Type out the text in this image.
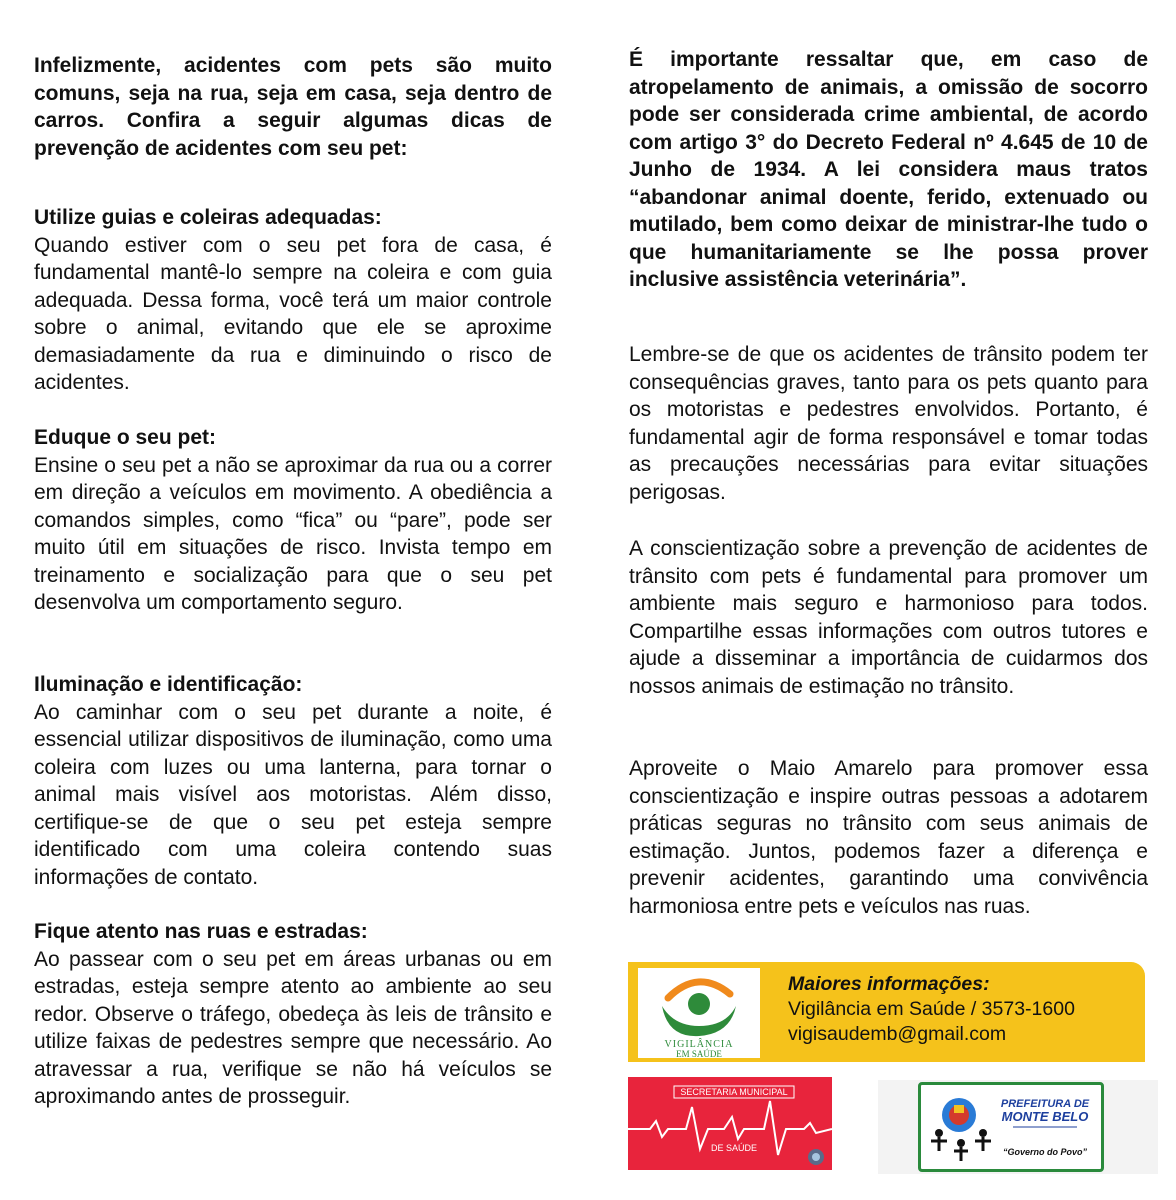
Infelizmente, acidentes com pets são muito comuns, seja na rua, seja em casa, seja dentro de carros. Confira a seguir algumas dicas de prevenção de acidentes com seu pet:

Utilize guias e coleiras adequadas:

Quando estiver com o seu pet fora de casa, é fundamental mantê-lo sempre na coleira e com guia adequada. Dessa forma, você terá um maior controle sobre o animal, evitando que ele se aproxime demasiadamente da rua e diminuindo o risco de acidentes.

Eduque o seu pet:

Ensine o seu pet a não se aproximar da rua ou a correr em direção a veículos em movimento. A obediência a comandos simples, como “fica” ou “pare”, pode ser muito útil em situações de risco. Invista tempo em treinamento e socialização para que o seu pet desenvolva um comportamento seguro.

Iluminação e identificação:

Ao caminhar com o seu pet durante a noite, é essencial utilizar dispositivos de iluminação, como uma coleira com luzes ou uma lanterna, para tornar o animal mais visível aos motoristas. Além disso, certifique-se de que o seu pet esteja sempre identificado com uma coleira contendo suas informações de contato.

Fique atento nas ruas e estradas:

Ao passear com o seu pet em áreas urbanas ou em estradas, esteja sempre atento ao ambiente ao seu redor. Observe o tráfego, obedeça às leis de trânsito e utilize faixas de pedestres sempre que necessário. Ao atravessar a rua, verifique se não há veículos se aproximando antes de prosseguir.

É importante ressaltar que, em caso de atropelamento de animais, a omissão de socorro pode ser considerada crime ambiental, de acordo com artigo 3° do Decreto Federal nº 4.645 de 10 de Junho de 1934. A lei considera maus tratos “abandonar animal doente, ferido, extenuado ou mutilado, bem como deixar de ministrar-lhe tudo o que humanitariamente se lhe possa prover inclusive assistência veterinária”.

Lembre-se de que os acidentes de trânsito podem ter consequências graves, tanto para os pets quanto para os motoristas e pedestres envolvidos. Portanto, é fundamental agir de forma responsável e tomar todas as precauções necessárias para evitar situações perigosas.

A conscientização sobre a prevenção de acidentes de trânsito com pets é fundamental para promover um ambiente mais seguro e harmonioso para todos. Compartilhe essas informações com outros tutores e ajude a disseminar a importância de cuidarmos dos nossos animais de estimação no trânsito.

Aproveite o Maio Amarelo para promover essa conscientização e inspire outras pessoas a adotarem práticas seguras no trânsito com seus animais de estimação. Juntos, podemos fazer a diferença e prevenir acidentes, garantindo uma convivência harmoniosa entre pets e veículos nas ruas.

VIGILÂNCIA
EM SAÚDE
Maiores informações:
Vigilância em Saúde / 3573-1600
vigisaudemb@gmail.com
SECRETARIA MUNICIPAL
DE SAÚDE
PREFEITURA DE
MONTE BELO
“Governo do Povo”
